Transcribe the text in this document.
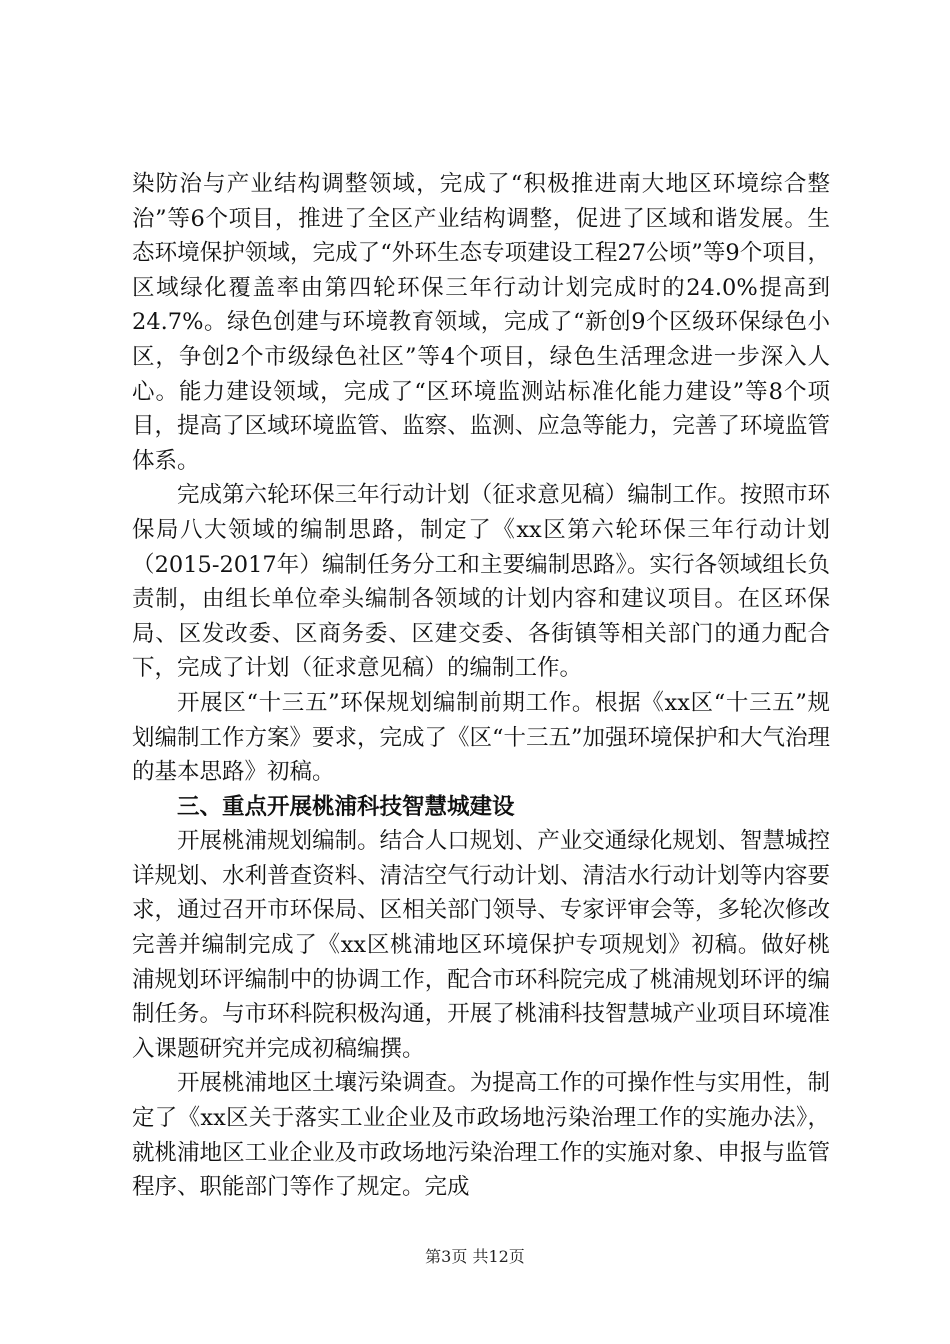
染防治与产业结构调整领域，完成了“积极推进南大地区环境综合整治”等6个项目，推进了全区产业结构调整，促进了区域和谐发展。生态环境保护领域，完成了“外环生态专项建设工程27公顷”等9个项目，区域绿化覆盖率由第四轮环保三年行动计划完成时的24.0%提高到24.7%。绿色创建与环境教育领域，完成了“新创9个区级环保绿色小区，争创2个市级绿色社区”等4个项目，绿色生活理念进一步深入人心。能力建设领域，完成了“区环境监测站标准化能力建设”等8个项目，提高了区域环境监管、监察、监测、应急等能力，完善了环境监管体系。

完成第六轮环保三年行动计划（征求意见稿）编制工作。按照市环保局八大领域的编制思路，制定了《xx区第六轮环保三年行动计划（2015-2017年）编制任务分工和主要编制思路》。实行各领域组长负责制，由组长单位牵头编制各领域的计划内容和建议项目。在区环保局、区发改委、区商务委、区建交委、各街镇等相关部门的通力配合下，完成了计划（征求意见稿）的编制工作。

开展区“十三五”环保规划编制前期工作。根据《xx区“十三五”规划编制工作方案》要求，完成了《区“十三五”加强环境保护和大气治理的基本思路》初稿。

三、重点开展桃浦科技智慧城建设

开展桃浦规划编制。结合人口规划、产业交通绿化规划、智慧城控详规划、水利普查资料、清洁空气行动计划、清洁水行动计划等内容要求，通过召开市环保局、区相关部门领导、专家评审会等，多轮次修改完善并编制完成了《xx区桃浦地区环境保护专项规划》初稿。做好桃浦规划环评编制中的协调工作，配合市环科院完成了桃浦规划环评的编制任务。与市环科院积极沟通，开展了桃浦科技智慧城产业项目环境准入课题研究并完成初稿编撰。

开展桃浦地区土壤污染调查。为提高工作的可操作性与实用性，制定了《xx区关于落实工业企业及市政场地污染治理工作的实施办法》，就桃浦地区工业企业及市政场地污染治理工作的实施对象、申报与监管程序、职能部门等作了规定。完成

第3页 共12页
